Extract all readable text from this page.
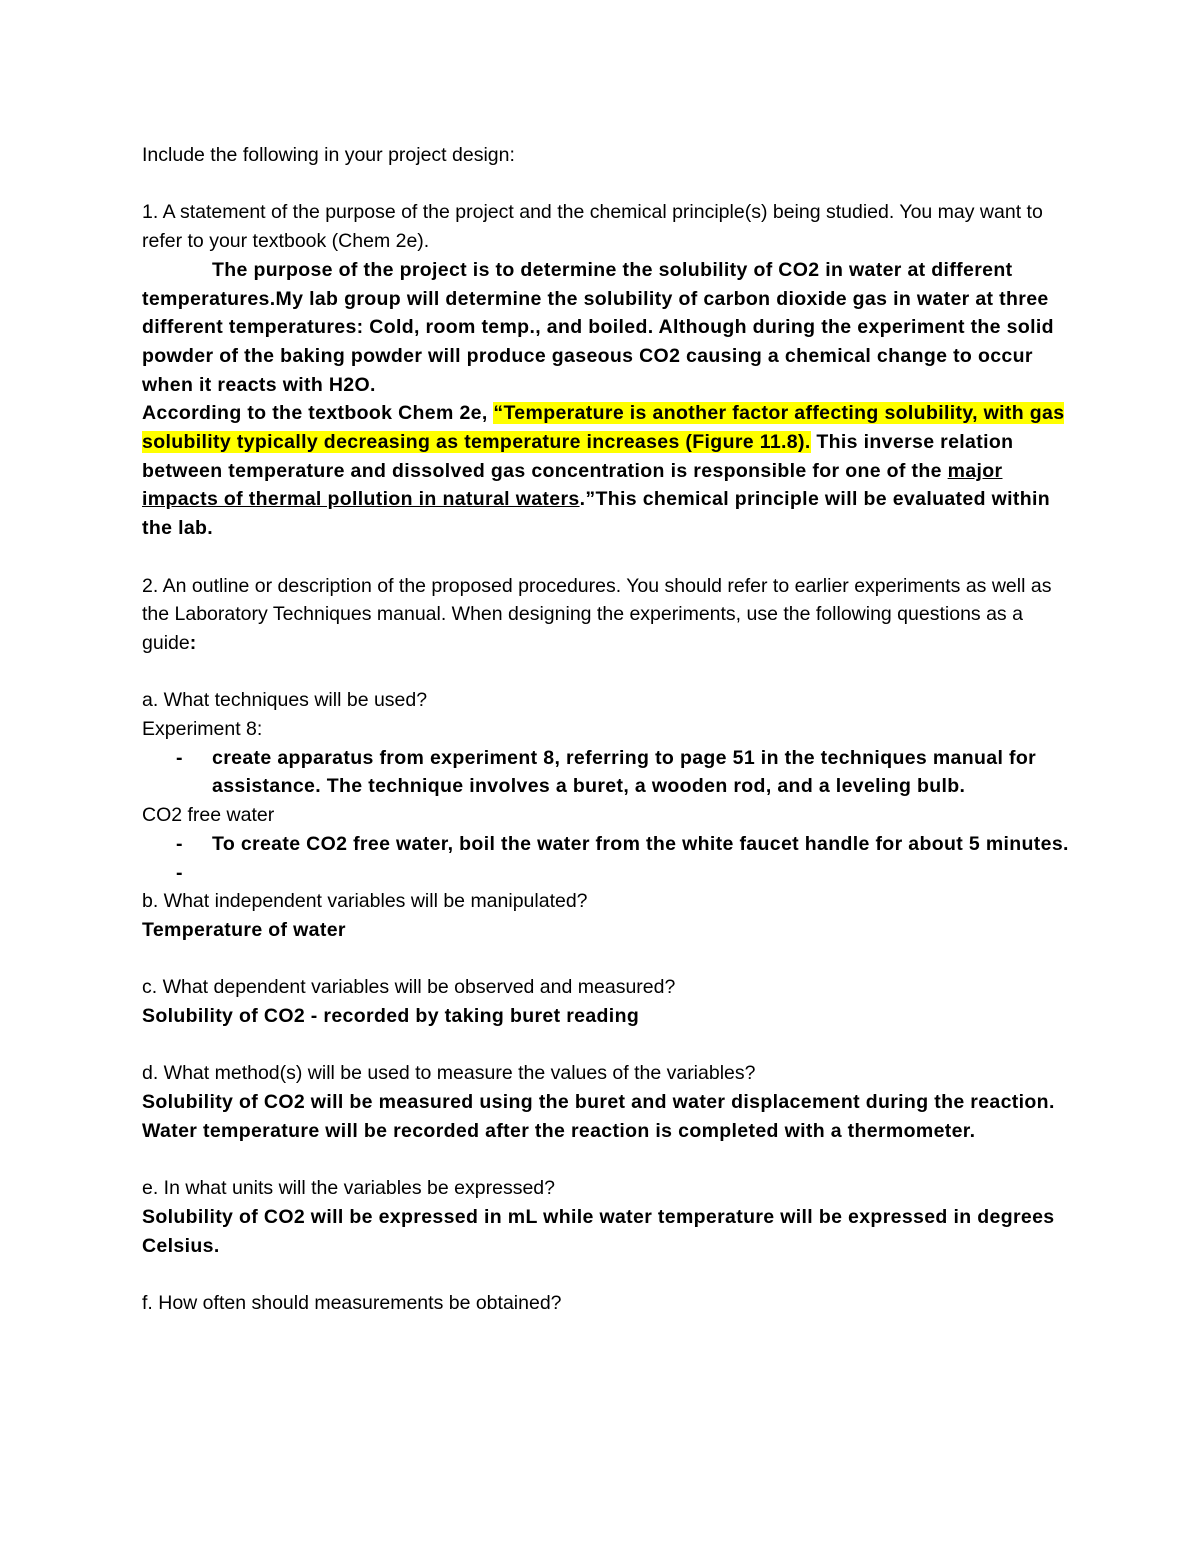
Include the following in your project design:

1. A statement of the purpose of the project and the chemical principle(s) being studied. You may want to refer to your textbook (Chem 2e).

The purpose of the project is to determine the solubility of CO2 in water at different temperatures.My lab group will determine the solubility of carbon dioxide gas in water at three different temperatures: Cold, room temp., and boiled. Although during the experiment the solid powder of the baking powder will produce gaseous CO2 causing a chemical change to occur when it reacts with H2O.

According to the textbook Chem 2e, “Temperature is another factor affecting solubility, with gas solubility typically decreasing as temperature increases (Figure 11.8). This inverse relation between temperature and dissolved gas concentration is responsible for one of the major impacts of thermal pollution in natural waters.”This chemical principle will be evaluated within the lab.

2. An outline or description of the proposed procedures. You should refer to earlier experiments as well as the Laboratory Techniques manual. When designing the experiments, use the following questions as a guide:

a. What techniques will be used?

Experiment 8:

- create apparatus from experiment 8, referring to page 51 in the techniques manual for assistance. The technique involves a buret, a wooden rod, and a leveling bulb.

CO2 free water

- To create CO2 free water, boil the water from the white faucet handle for about 5 minutes.
-

b. What independent variables will be manipulated?

Temperature of water

c. What dependent variables will be observed and measured?

Solubility of CO2 - recorded by taking buret reading

d. What method(s) will be used to measure the values of the variables?

Solubility of CO2 will be measured using the buret and water displacement during the reaction.

Water temperature will be recorded after the reaction is completed with a thermometer.

e. In what units will the variables be expressed?

Solubility of CO2 will be expressed in mL while water temperature will be expressed in degrees Celsius.

f. How often should measurements be obtained?
